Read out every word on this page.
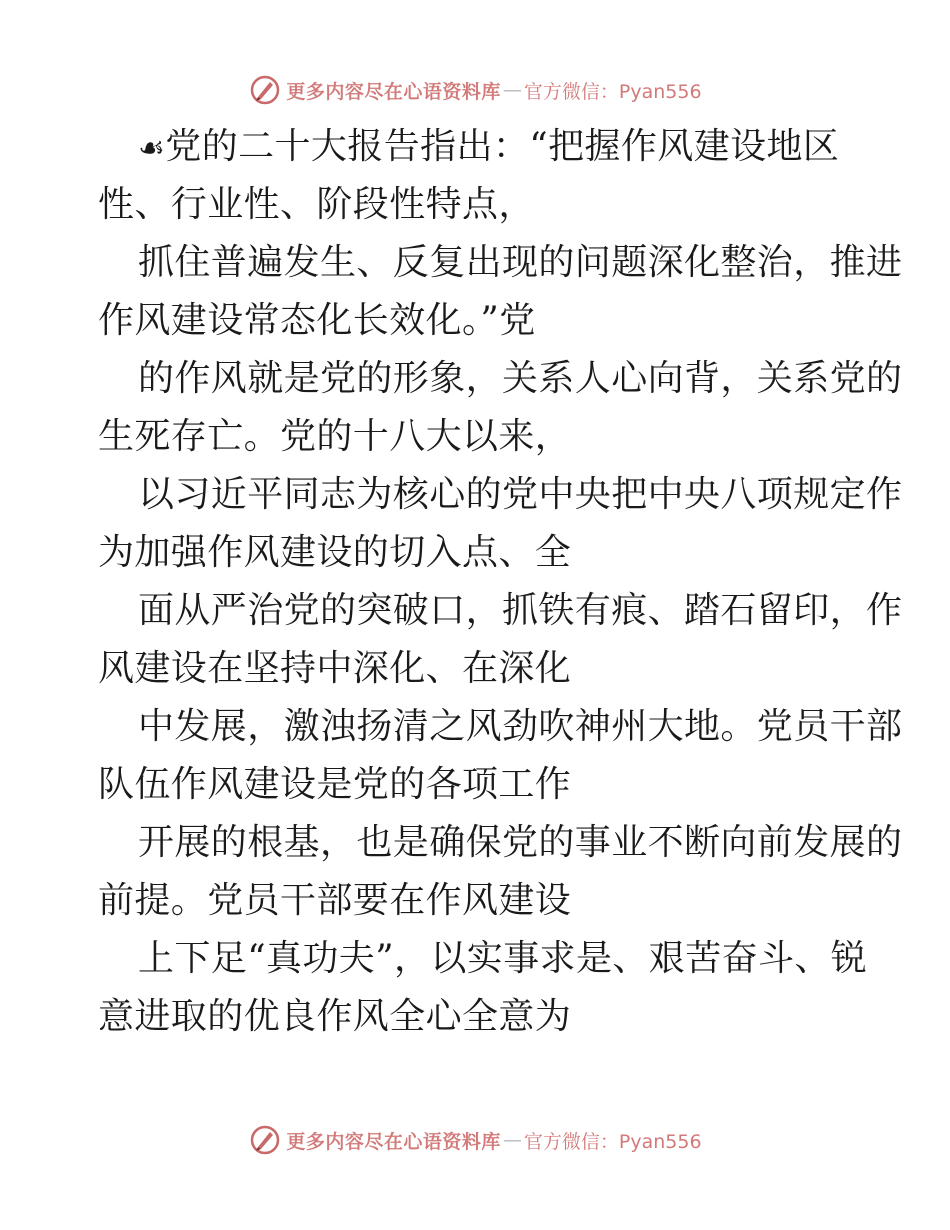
更多内容尽在心语资料库 — 官方微信：Pyan556
☙党的二十大报告指出：“把握作风建设地区
性、行业性、阶段性特点，
抓住普遍发生、反复出现的问题深化整治，推进
作风建设常态化长效化。”党
的作风就是党的形象，关系人心向背，关系党的
生死存亡。党的十八大以来，
以习近平同志为核心的党中央把中央八项规定作
为加强作风建设的切入点、全
面从严治党的突破口，抓铁有痕、踏石留印，作
风建设在坚持中深化、在深化
中发展，激浊扬清之风劲吹神州大地。党员干部
队伍作风建设是党的各项工作
开展的根基，也是确保党的事业不断向前发展的
前提。党员干部要在作风建设
上下足“真功夫”，以实事求是、艰苦奋斗、锐
意进取的优良作风全心全意为
更多内容尽在心语资料库 — 官方微信：Pyan556
